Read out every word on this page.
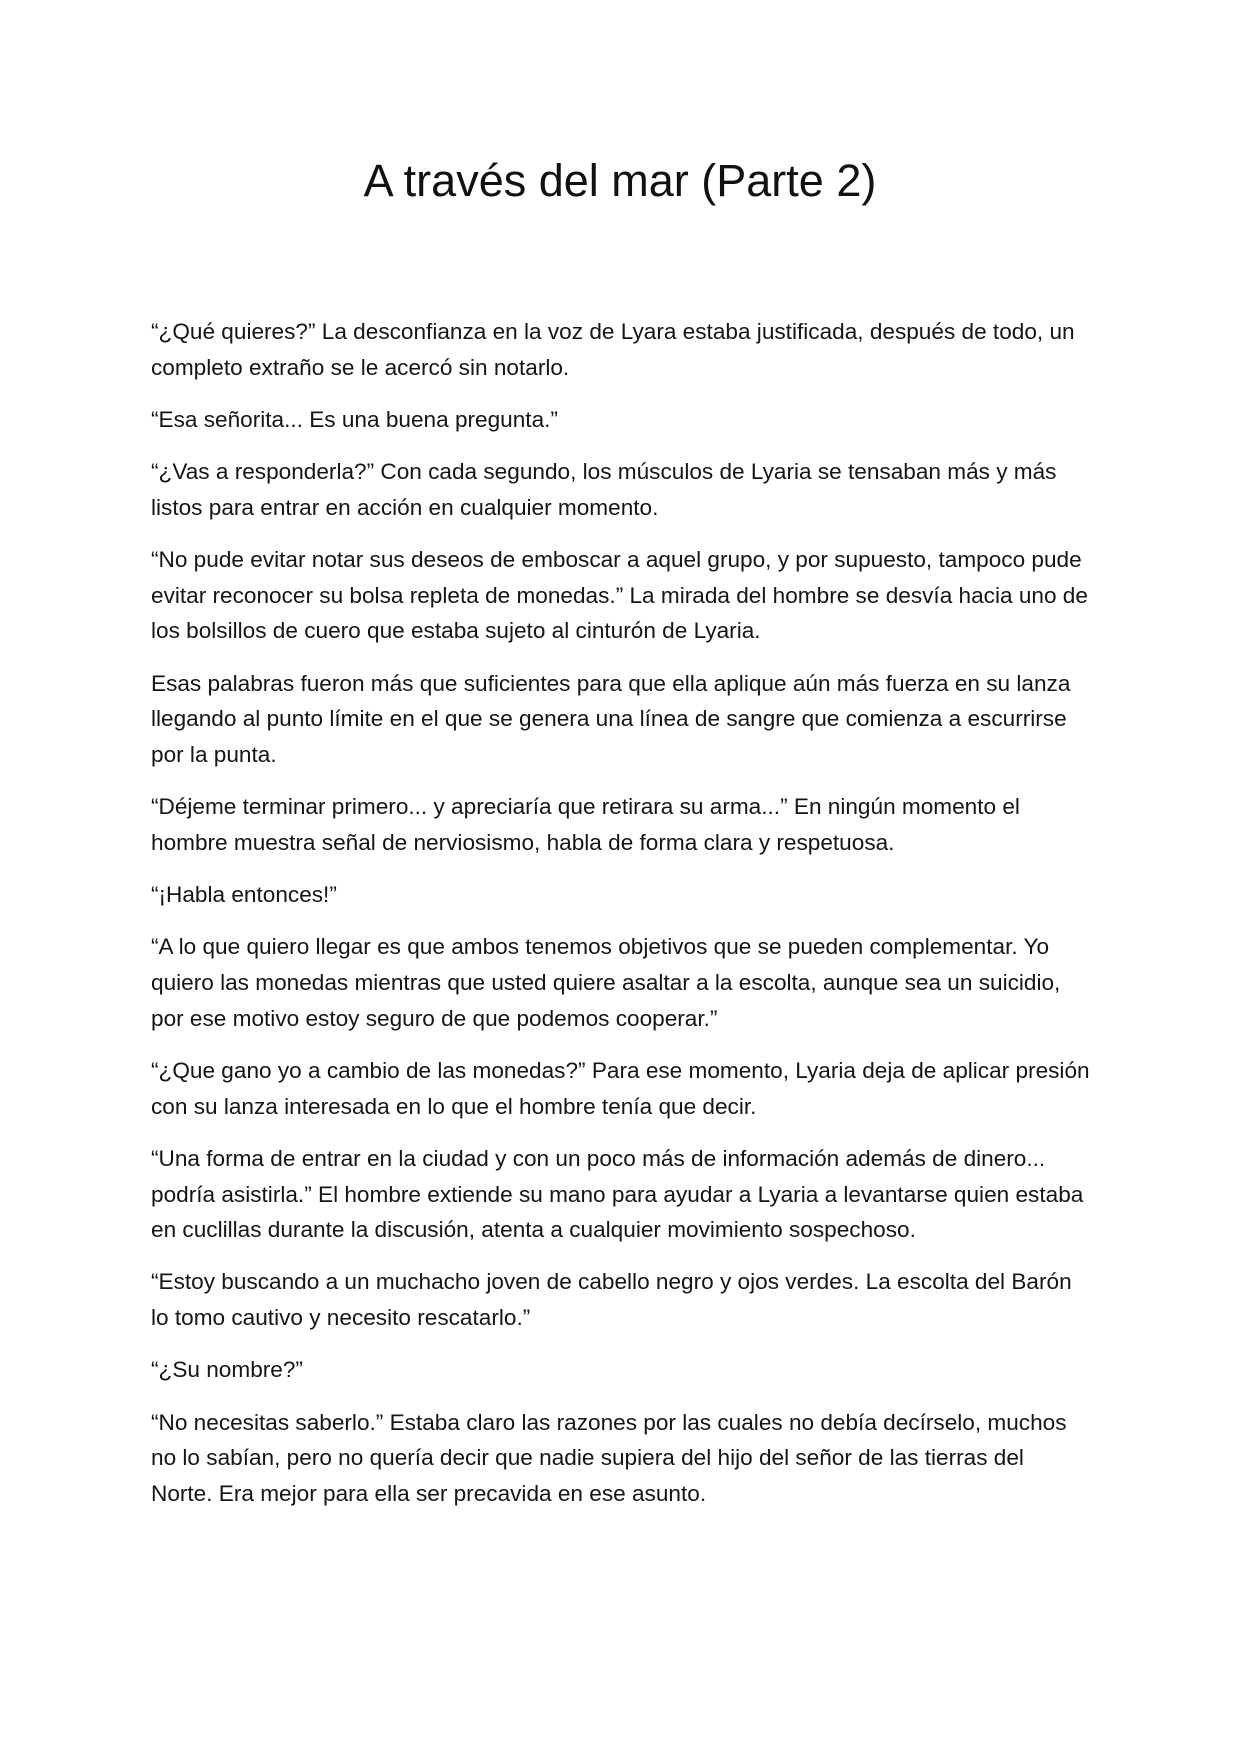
A través del mar (Parte 2)

“¿Qué quieres?” La desconfianza en la voz de Lyara estaba justificada, después de todo, un completo extraño se le acercó sin notarlo.

“Esa señorita... Es una buena pregunta.”

“¿Vas a responderla?” Con cada segundo, los músculos de Lyaria se tensaban más y más listos para entrar en acción en cualquier momento.

“No pude evitar notar sus deseos de emboscar a aquel grupo, y por supuesto, tampoco pude evitar reconocer su bolsa repleta de monedas.” La mirada del hombre se desvía hacia uno de los bolsillos de cuero que estaba sujeto al cinturón de Lyaria.

Esas palabras fueron más que suficientes para que ella aplique aún más fuerza en su lanza llegando al punto límite en el que se genera una línea de sangre que comienza a escurrirse por la punta.

“Déjeme terminar primero... y apreciaría que retirara su arma...” En ningún momento el hombre muestra señal de nerviosismo, habla de forma clara y respetuosa.

“¡Habla entonces!”

“A lo que quiero llegar es que ambos tenemos objetivos que se pueden complementar. Yo quiero las monedas mientras que usted quiere asaltar a la escolta, aunque sea un suicidio, por ese motivo estoy seguro de que podemos cooperar.”

“¿Que gano yo a cambio de las monedas?” Para ese momento, Lyaria deja de aplicar presión con su lanza interesada en lo que el hombre tenía que decir.

“Una forma de entrar en la ciudad y con un poco más de información además de dinero... podría asistirla.” El hombre extiende su mano para ayudar a Lyaria a levantarse quien estaba en cuclillas durante la discusión, atenta a cualquier movimiento sospechoso.

“Estoy buscando a un muchacho joven de cabello negro y ojos verdes. La escolta del Barón lo tomo cautivo y necesito rescatarlo.”

“¿Su nombre?”

“No necesitas saberlo.” Estaba claro las razones por las cuales no debía decírselo, muchos no lo sabían, pero no quería decir que nadie supiera del hijo del señor de las tierras del Norte. Era mejor para ella ser precavida en ese asunto.
